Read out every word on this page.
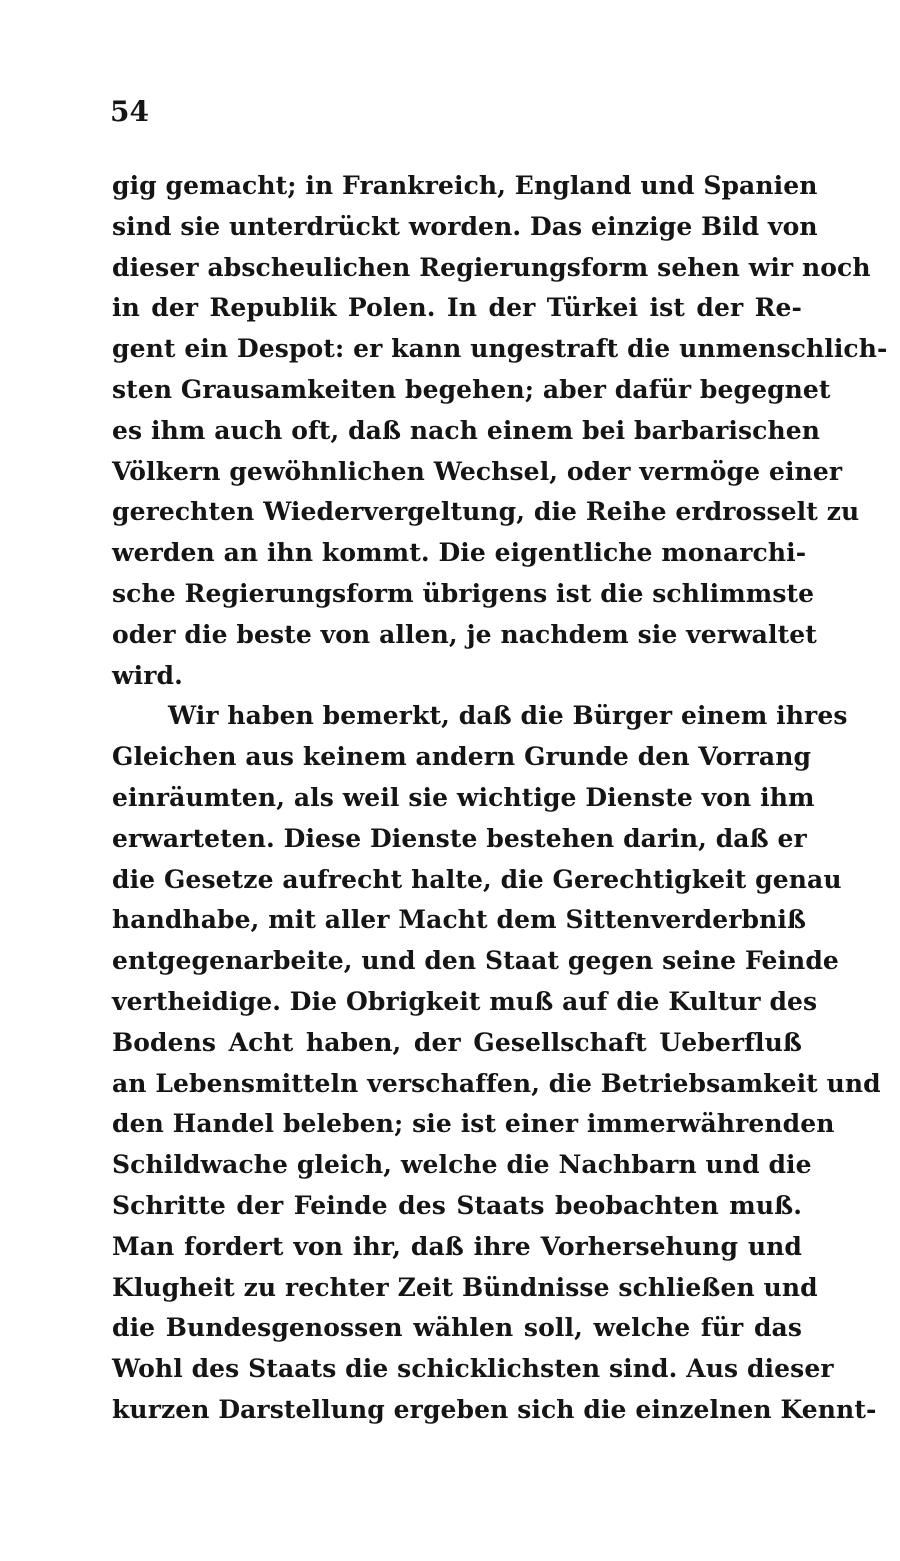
54
gig gemacht; in Frankreich, England und Spanien
sind sie unterdrückt worden. Das einzige Bild von
dieser abscheulichen Regierungsform sehen wir noch
in der Republik Polen. In der Türkei ist der Re-
gent ein Despot: er kann ungestraft die unmenschlich-
sten Grausamkeiten begehen; aber dafür begegnet
es ihm auch oft, daß nach einem bei barbarischen
Völkern gewöhnlichen Wechsel, oder vermöge einer
gerechten Wiedervergeltung, die Reihe erdrosselt zu
werden an ihn kommt. Die eigentliche monarchi-
sche Regierungsform übrigens ist die schlimmste
oder die beste von allen, je nachdem sie verwaltet
wird.
Wir haben bemerkt, daß die Bürger einem ihres
Gleichen aus keinem andern Grunde den Vorrang
einräumten, als weil sie wichtige Dienste von ihm
erwarteten. Diese Dienste bestehen darin, daß er
die Gesetze aufrecht halte, die Gerechtigkeit genau
handhabe, mit aller Macht dem Sittenverderbniß
entgegenarbeite, und den Staat gegen seine Feinde
vertheidige. Die Obrigkeit muß auf die Kultur des
Bodens Acht haben, der Gesellschaft Ueberfluß
an Lebensmitteln verschaffen, die Betriebsamkeit und
den Handel beleben; sie ist einer immerwährenden
Schildwache gleich, welche die Nachbarn und die
Schritte der Feinde des Staats beobachten muß.
Man fordert von ihr, daß ihre Vorhersehung und
Klugheit zu rechter Zeit Bündnisse schließen und
die Bundesgenossen wählen soll, welche für das
Wohl des Staats die schicklichsten sind. Aus dieser
kurzen Darstellung ergeben sich die einzelnen Kennt-
